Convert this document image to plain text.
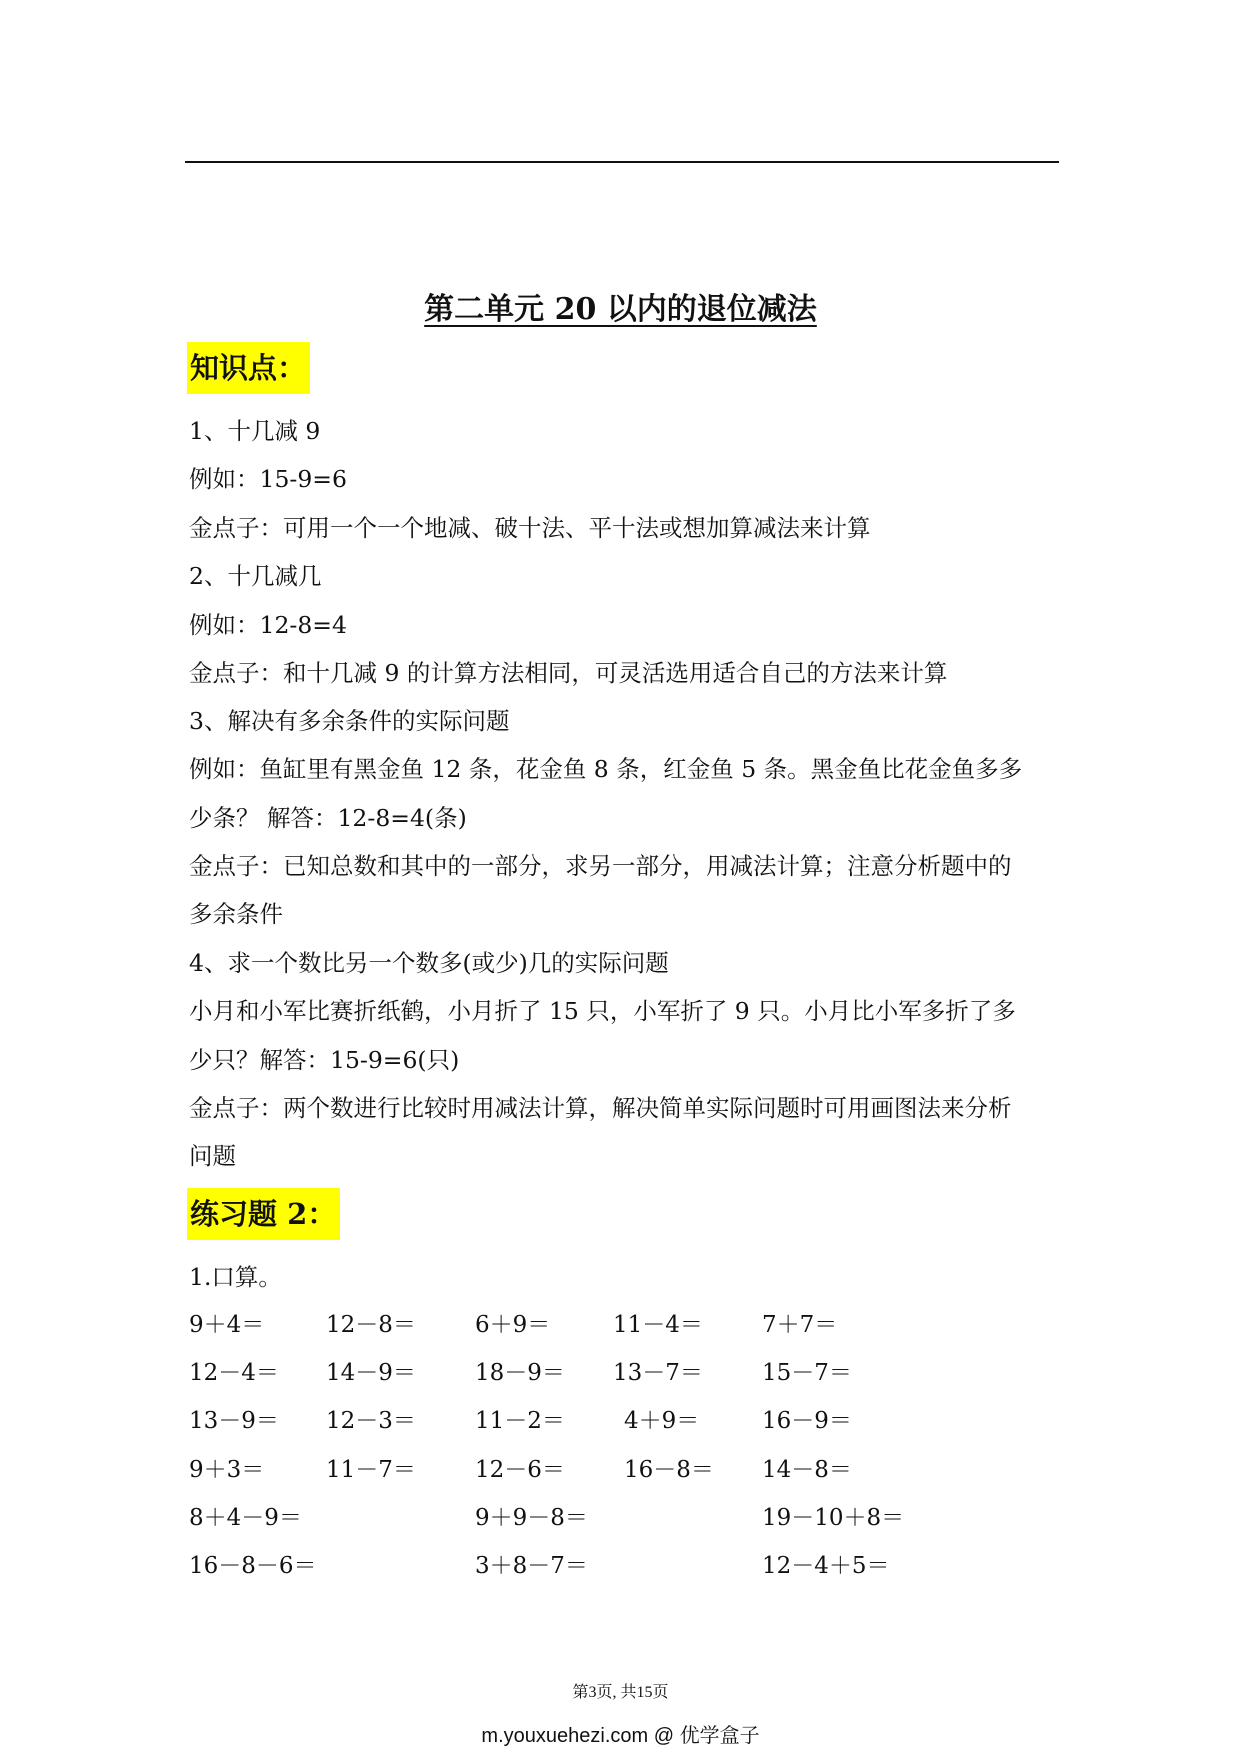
第二单元 20 以内的退位减法
知识点：
1、十几减 9
例如：15-9=6
金点子：可用一个一个地减、破十法、平十法或想加算减法来计算
2、十几减几
例如：12-8=4
金点子：和十几减 9 的计算方法相同，可灵活选用适合自己的方法来计算
3、解决有多余条件的实际问题
例如：鱼缸里有黑金鱼 12 条，花金鱼 8 条，红金鱼 5 条。黑金鱼比花金鱼多多
少条？ 解答：12-8=4(条)
金点子：已知总数和其中的一部分，求另一部分，用减法计算；注意分析题中的
多余条件
4、求一个数比另一个数多(或少)几的实际问题
小月和小军比赛折纸鹤，小月折了 15 只，小军折了 9 只。小月比小军多折了多
少只？解答：15-9=6(只)
金点子：两个数进行比较时用减法计算，解决简单实际问题时可用画图法来分析
问题
练习题 2：
1.口算。
9＋4＝	12－8＝	6＋9＝	11－4＝	7＋7＝
12－4＝ 14－9＝	18－9＝ 13－7＝	15－7＝
13－9＝ 12－3＝	11－2＝	4＋9＝	16－9＝
9＋3＝	11－7＝	12－6＝	16－8＝ 14－8＝
8＋4－9＝	9＋9－8＝	19－10＋8＝
16－8－6＝	3＋8－7＝	12－4＋5＝
第3页, 共15页
m.youxuehezi.com @ 优学盒子
